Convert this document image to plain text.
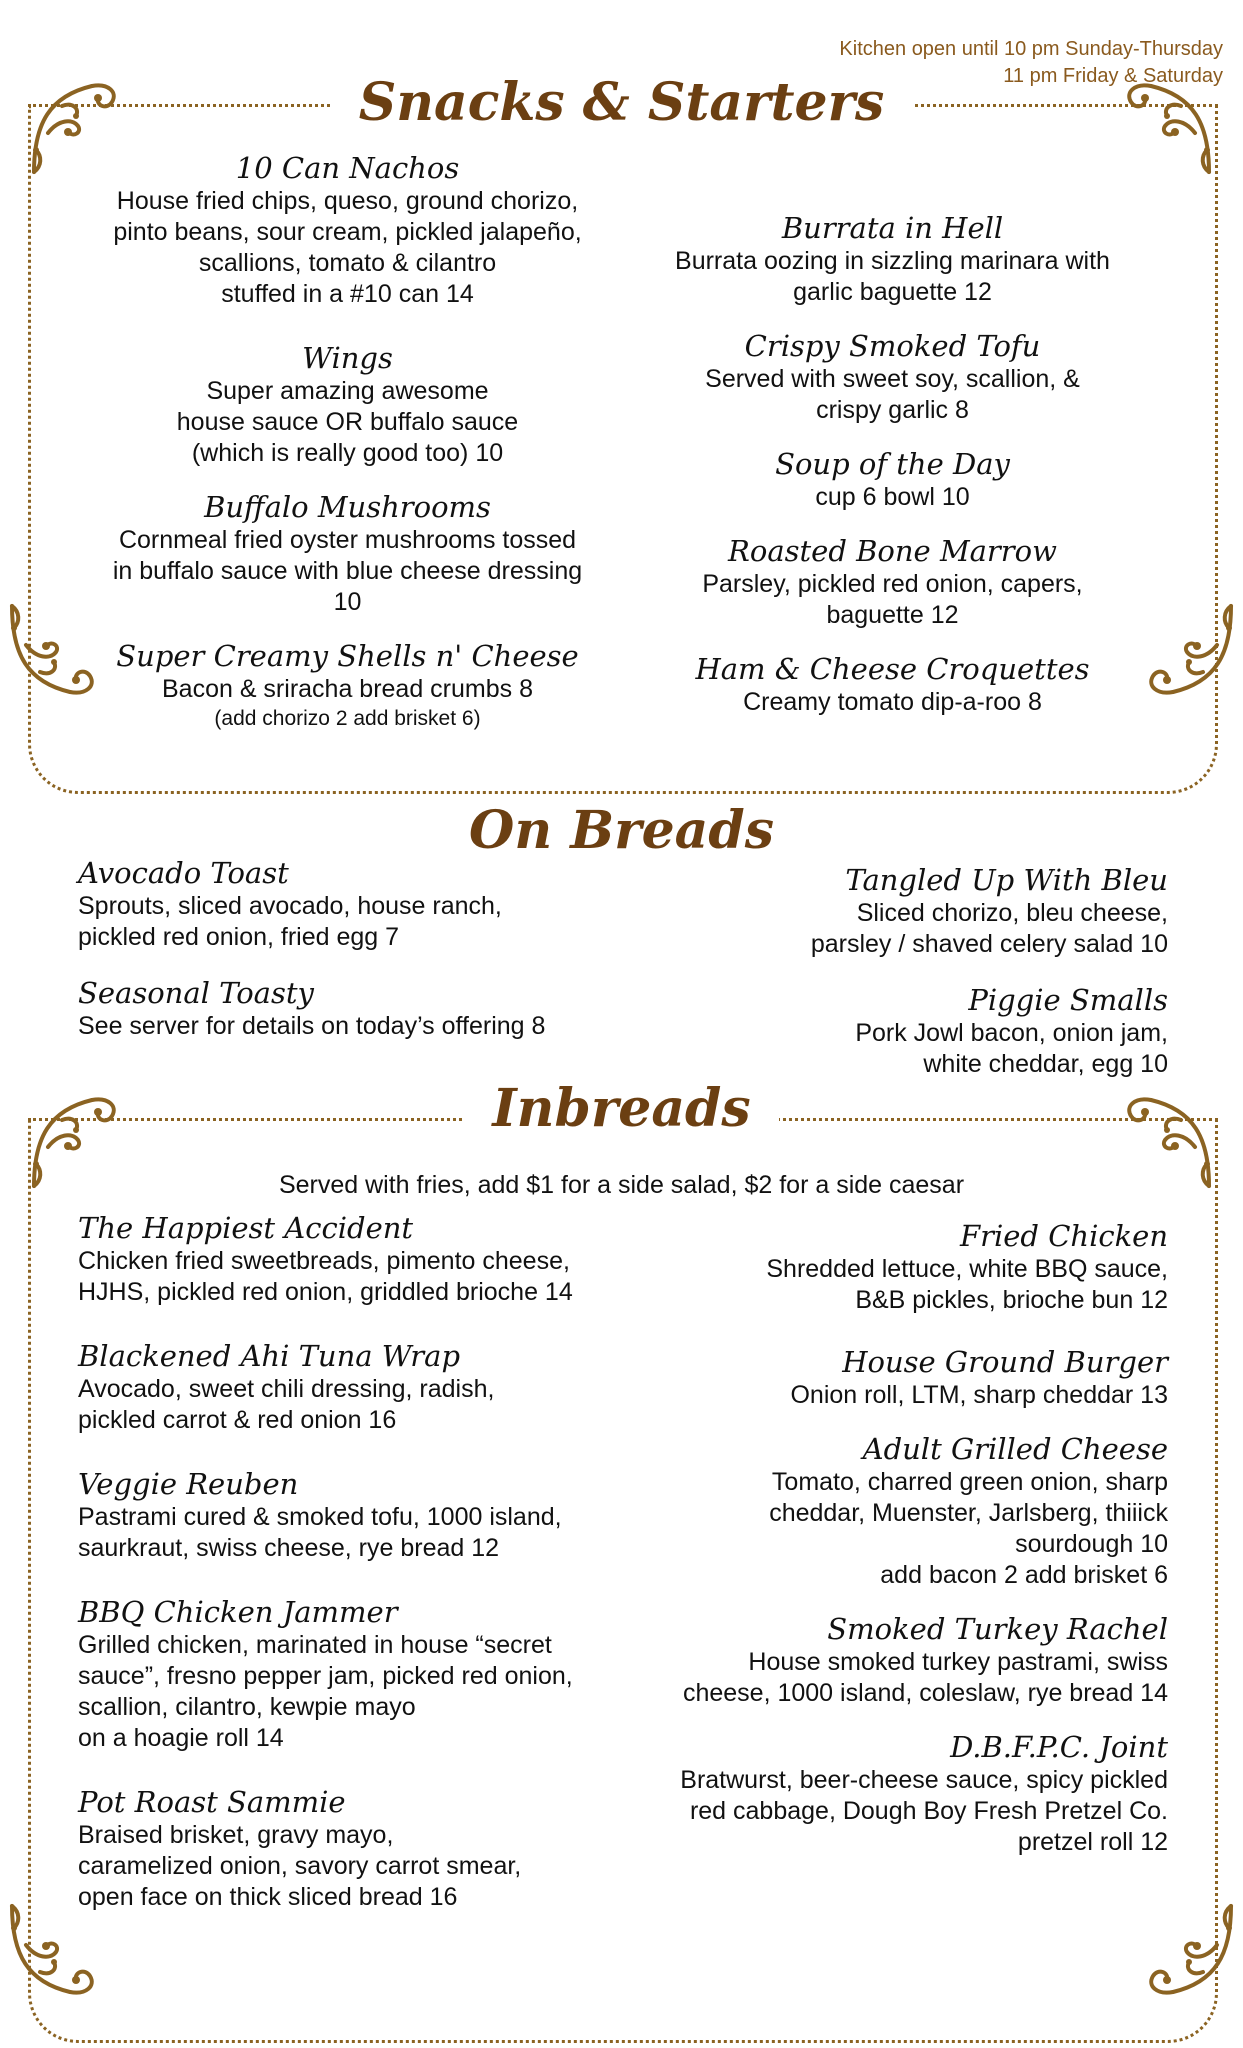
Kitchen open until 10 pm Sunday-Thursday
11 pm Friday & Saturday
Snacks & Starters
10 Can Nachos
House fried chips, queso, ground chorizo,
pinto beans, sour cream, pickled jalapeño,
scallions, tomato & cilantro
stuffed in a #10 can 14
Wings
Super amazing awesome
house sauce OR buffalo sauce
(which is really good too) 10
Buffalo Mushrooms
Cornmeal fried oyster mushrooms tossed
in buffalo sauce with blue cheese dressing
10
Super Creamy Shells n' Cheese
Bacon & sriracha bread crumbs 8
(add chorizo 2 add brisket 6)
Burrata in Hell
Burrata oozing in sizzling marinara with
garlic baguette 12
Crispy Smoked Tofu
Served with sweet soy, scallion, &
crispy garlic 8
Soup of the Day
cup 6 bowl 10
Roasted Bone Marrow
Parsley, pickled red onion, capers,
baguette 12
Ham & Cheese Croquettes
Creamy tomato dip-a-roo 8
On Breads
Avocado Toast
Sprouts, sliced avocado, house ranch,
pickled red onion, fried egg 7
Seasonal Toasty
See server for details on today’s offering 8
Tangled Up With Bleu
Sliced chorizo, bleu cheese,
parsley / shaved celery salad 10
Piggie Smalls
Pork Jowl bacon, onion jam,
white cheddar, egg 10
Inbreads
Served with fries, add $1 for a side salad, $2 for a side caesar
The Happiest Accident
Chicken fried sweetbreads, pimento cheese,
HJHS, pickled red onion, griddled brioche 14
Blackened Ahi Tuna Wrap
Avocado, sweet chili dressing, radish,
pickled carrot & red onion 16
Veggie Reuben
Pastrami cured & smoked tofu, 1000 island,
saurkraut, swiss cheese, rye bread 12
BBQ Chicken Jammer
Grilled chicken, marinated in house “secret
sauce”, fresno pepper jam, picked red onion,
scallion, cilantro, kewpie mayo
on a hoagie roll 14
Pot Roast Sammie
Braised brisket, gravy mayo,
caramelized onion, savory carrot smear,
open face on thick sliced bread 16
Fried Chicken
Shredded lettuce, white BBQ sauce,
B&B pickles, brioche bun 12
House Ground Burger
Onion roll, LTM, sharp cheddar 13
Adult Grilled Cheese
Tomato, charred green onion, sharp
cheddar, Muenster, Jarlsberg, thiiick
sourdough 10
add bacon 2 add brisket 6
Smoked Turkey Rachel
House smoked turkey pastrami, swiss
cheese, 1000 island, coleslaw, rye bread 14
D.B.F.P.C. Joint
Bratwurst, beer-cheese sauce, spicy pickled
red cabbage, Dough Boy Fresh Pretzel Co.
pretzel roll 12
